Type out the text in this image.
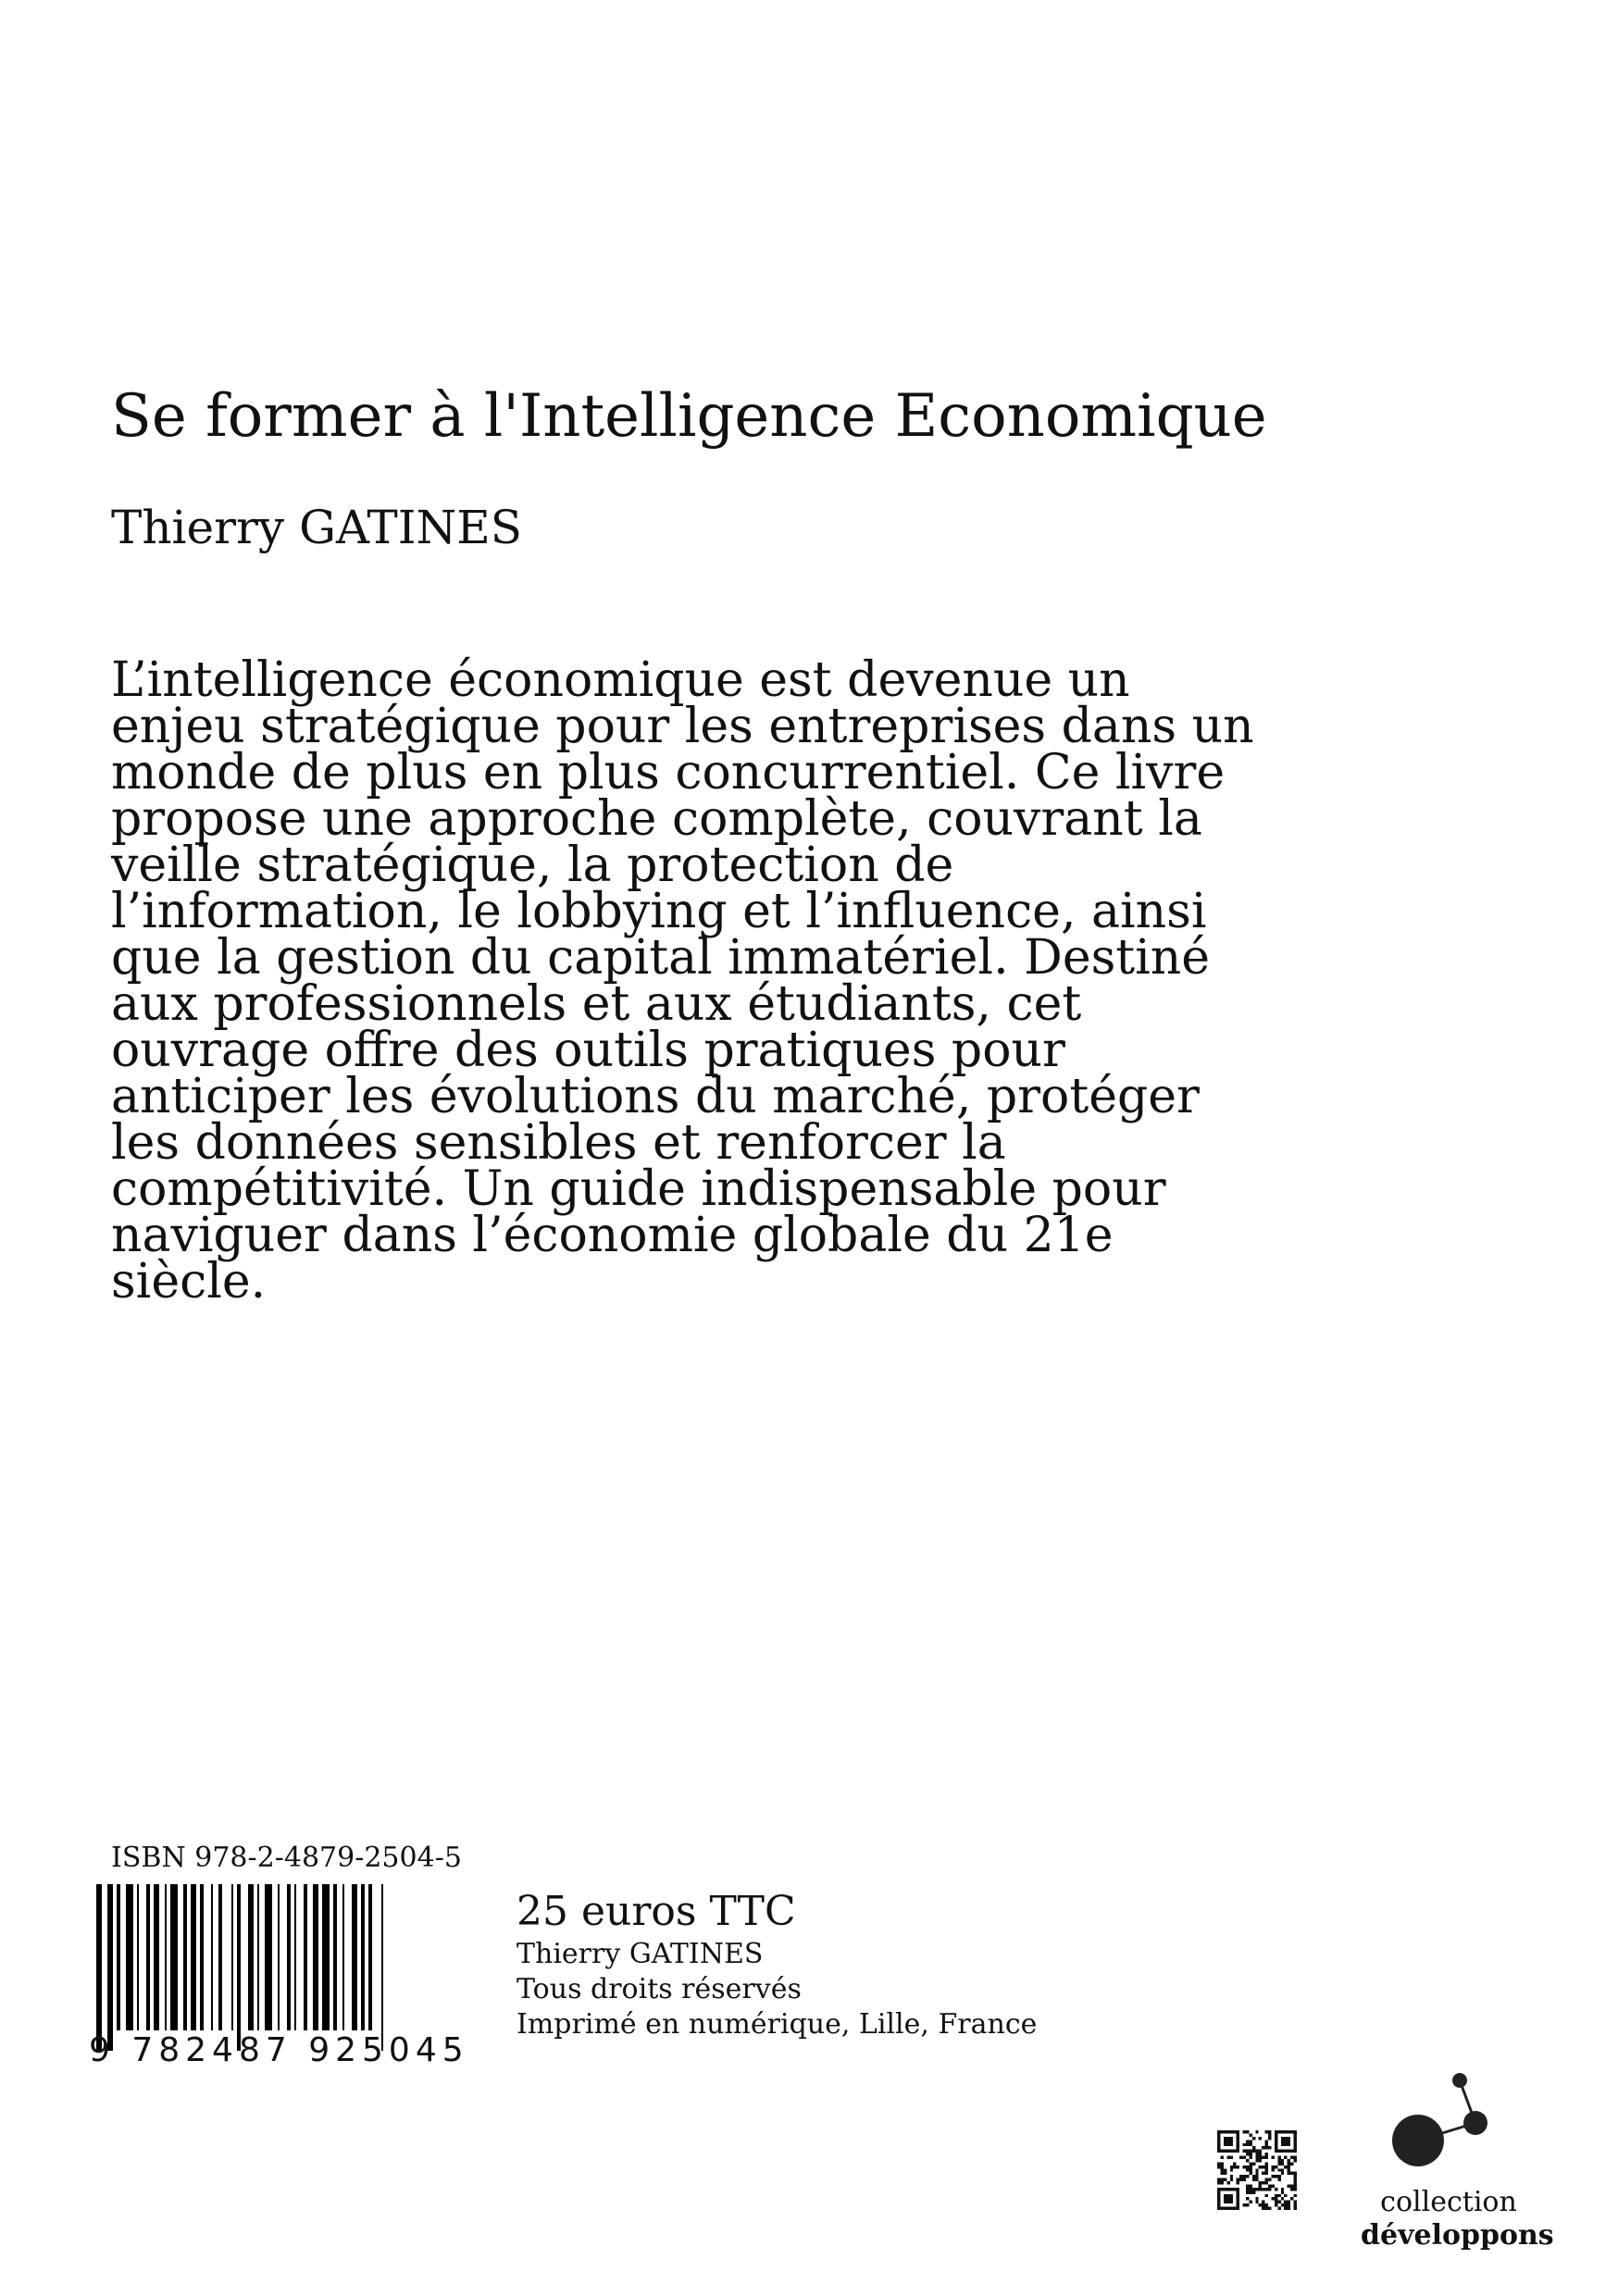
Se former à l'Intelligence Economique
Thierry GATINES
L’intelligence économique est devenue un
enjeu stratégique pour les entreprises dans un
monde de plus en plus concurrentiel. Ce livre
propose une approche complète, couvrant la
veille stratégique, la protection de
l’information, le lobbying et l’influence, ainsi
que la gestion du capital immatériel. Destiné
aux professionnels et aux étudiants, cet
ouvrage offre des outils pratiques pour
anticiper les évolutions du marché, protéger
les données sensibles et renforcer la
compétitivité. Un guide indispensable pour
naviguer dans l’économie globale du 21e
siècle.
ISBN 978-2-4879-2504-5
9 782487 925045
25 euros TTC
Thierry GATINES
Tous droits réservés
Imprimé en numérique, Lille, France
collection
développons
